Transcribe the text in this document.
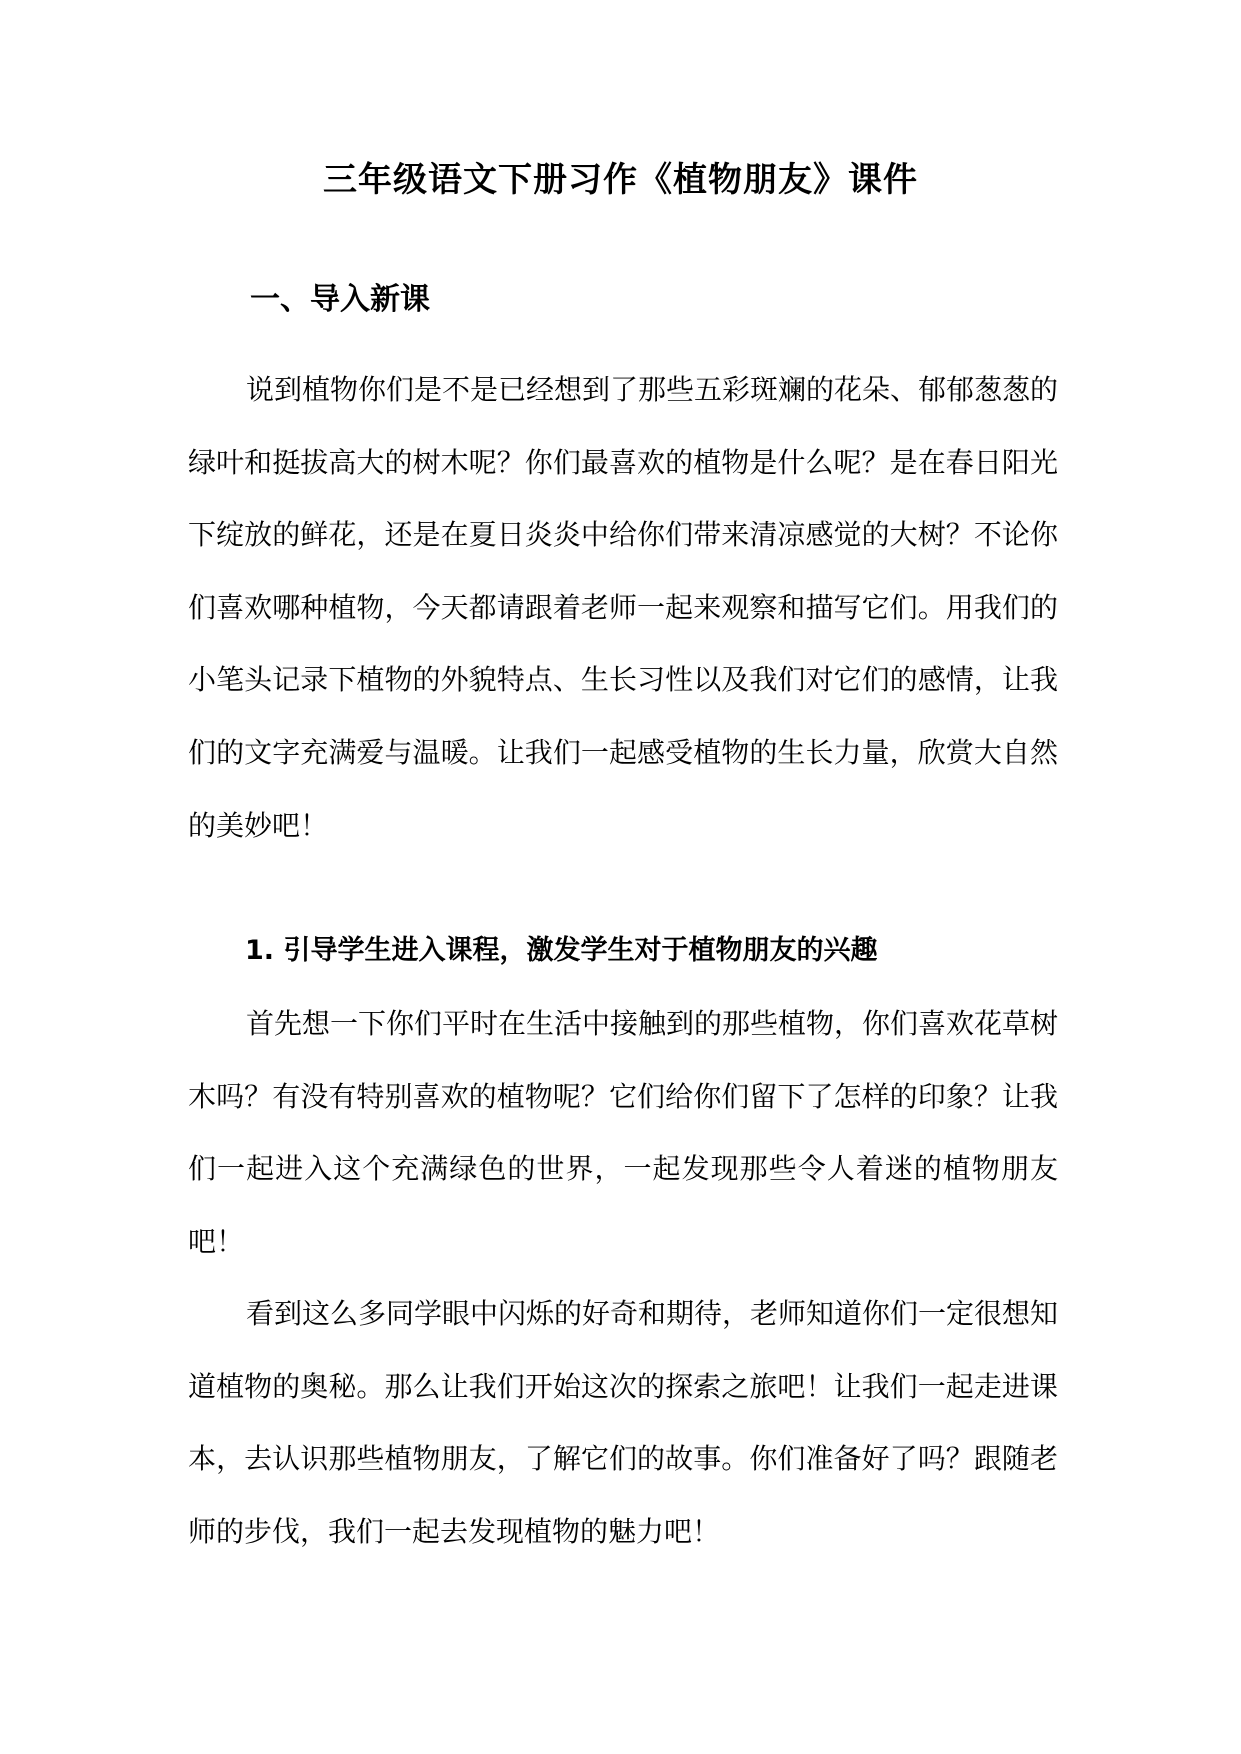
三年级语文下册习作《植物朋友》课件
一、导入新课

说到植物你们是不是已经想到了那些五彩斑斓的花朵、郁郁葱葱的绿叶和挺拔高大的树木呢？你们最喜欢的植物是什么呢？是在春日阳光下绽放的鲜花，还是在夏日炎炎中给你们带来清凉感觉的大树？不论你们喜欢哪种植物，今天都请跟着老师一起来观察和描写它们。用我们的小笔头记录下植物的外貌特点、生长习性以及我们对它们的感情，让我们的文字充满爱与温暖。让我们一起感受植物的生长力量，欣赏大自然的美妙吧！

1. 引导学生进入课程，激发学生对于植物朋友的兴趣

首先想一下你们平时在生活中接触到的那些植物，你们喜欢花草树木吗？有没有特别喜欢的植物呢？它们给你们留下了怎样的印象？让我们一起进入这个充满绿色的世界，一起发现那些令人着迷的植物朋友吧！

看到这么多同学眼中闪烁的好奇和期待，老师知道你们一定很想知道植物的奥秘。那么让我们开始这次的探索之旅吧！让我们一起走进课本，去认识那些植物朋友，了解它们的故事。你们准备好了吗？跟随老师的步伐，我们一起去发现植物的魅力吧！
